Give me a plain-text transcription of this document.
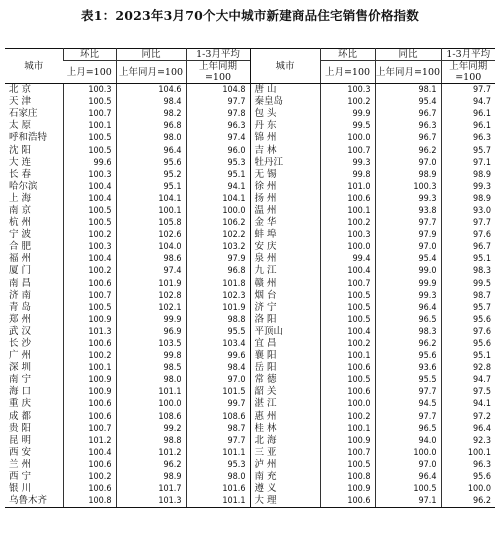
表1：2023年3月70个大中城市新建商品住宅销售价格指数
城市	环比	同比	1-3月平均	城市	环比	同比	1-3月平均
	上月=100	上年同月=100	上年同期=100		上月=100	上年同月=100	上年同期=100
北 京	100.3	104.6	104.8	唐 山	100.3	98.1	97.7
天 津	100.5	98.4	97.7	秦皇岛	100.2	95.4	94.7
石家庄	100.7	98.2	97.8	包 头	99.9	96.7	96.1
太 原	100.1	96.8	96.3	丹 东	99.5	96.3	96.1
呼和浩特	100.5	98.0	97.4	锦 州	100.0	96.7	96.3
沈 阳	100.5	96.4	96.0	吉 林	100.7	96.2	95.7
大 连	99.6	95.6	95.3	牡丹江	99.3	97.0	97.1
长 春	100.3	95.2	95.1	无 锡	99.8	98.9	98.9
哈尔滨	100.4	95.1	94.1	徐 州	101.0	100.3	99.3
上 海	100.4	104.1	104.1	扬 州	100.6	99.3	98.9
南 京	100.5	100.1	100.0	温 州	100.1	93.8	93.0
杭 州	100.5	105.8	106.2	金 华	100.2	97.7	97.7
宁 波	100.2	102.6	102.2	蚌 埠	100.3	97.9	97.6
合 肥	100.3	104.0	103.2	安 庆	100.0	97.0	96.7
福 州	100.4	98.6	97.9	泉 州	99.4	95.4	95.1
厦 门	100.2	97.4	96.8	九 江	100.4	99.0	98.3
南 昌	100.6	101.9	101.8	赣 州	100.7	99.9	99.5
济 南	100.7	102.8	102.3	烟 台	100.5	99.3	98.7
青 岛	100.5	102.1	101.9	济 宁	100.5	96.4	95.7
郑 州	100.9	99.9	98.8	洛 阳	100.5	96.5	95.6
武 汉	101.3	96.9	95.5	平顶山	100.4	98.3	97.6
长 沙	100.6	103.5	103.4	宜 昌	100.2	96.2	95.6
广 州	100.2	99.8	99.6	襄 阳	100.1	95.6	95.1
深 圳	100.1	98.5	98.4	岳 阳	100.6	93.6	92.8
南 宁	100.9	98.0	97.0	常 德	100.5	95.5	94.7
海 口	100.9	101.1	101.5	韶 关	100.6	97.7	97.5
重 庆	100.6	100.0	99.7	湛 江	100.0	94.5	94.1
成 都	100.6	108.6	108.6	惠 州	100.2	97.7	97.2
贵 阳	100.7	99.2	98.7	桂 林	100.1	96.5	96.4
昆 明	101.2	98.8	97.7	北 海	100.9	94.0	92.3
西 安	100.4	101.2	101.1	三 亚	100.7	100.0	100.1
兰 州	100.6	96.2	95.3	泸 州	100.5	97.0	96.3
西 宁	100.2	98.9	98.0	南 充	100.8	96.4	95.6
银 川	100.6	101.7	101.6	遵 义	100.9	100.5	100.0
乌鲁木齐	100.8	101.3	101.1	大 理	100.6	97.1	96.2
